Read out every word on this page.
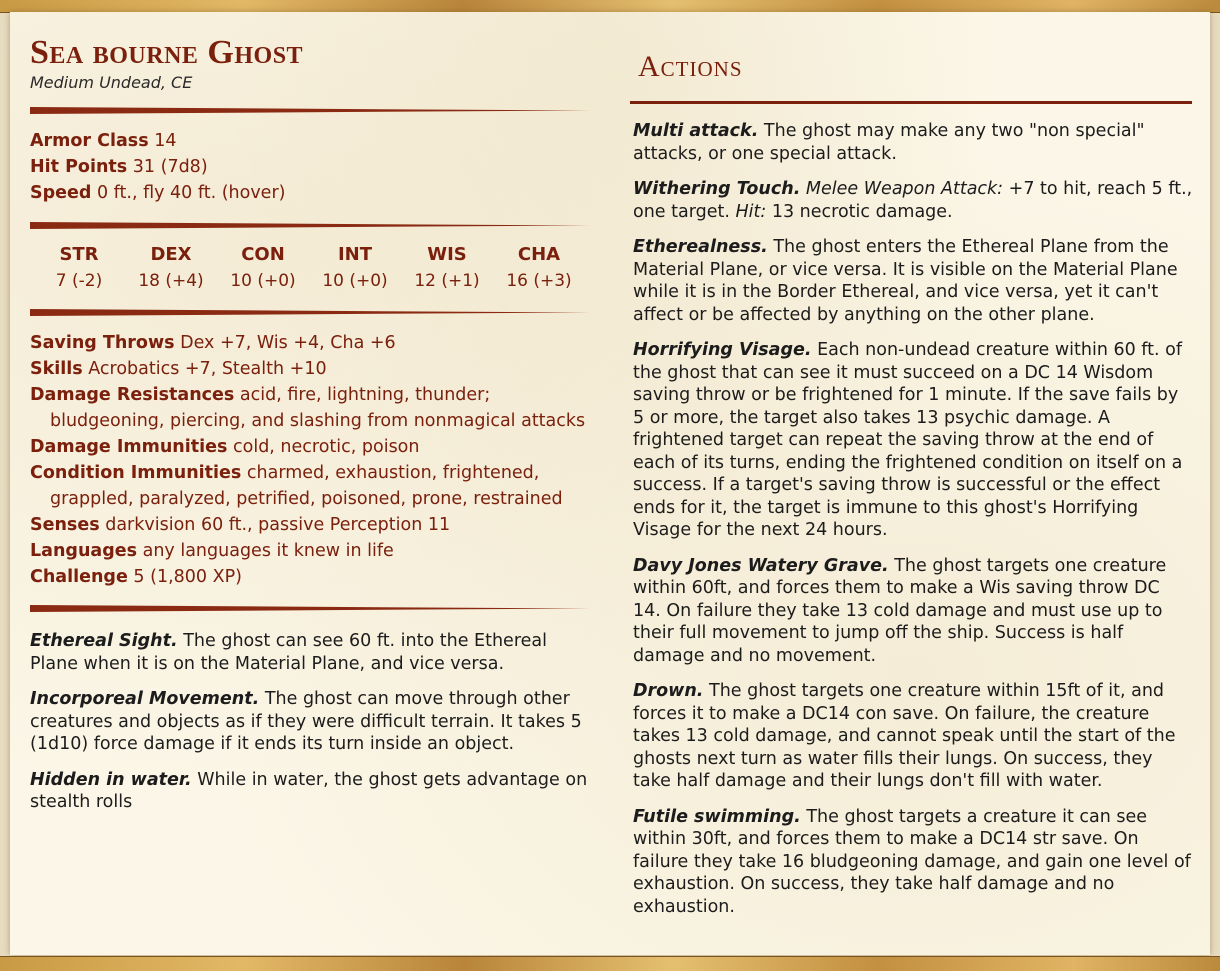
Sea bourne Ghost
Medium Undead, CE
Armor Class 14
Hit Points 31 (7d8)
Speed 0 ft., fly 40 ft. (hover)
STR
7 (-2)
DEX
18 (+4)
CON
10 (+0)
INT
10 (+0)
WIS
12 (+1)
CHA
16 (+3)
Saving Throws Dex +7, Wis +4, Cha +6
Skills Acrobatics +7, Stealth +10
Damage Resistances acid, fire, lightning, thunder; bludgeoning, piercing, and slashing from nonmagical attacks
Damage Immunities cold, necrotic, poison
Condition Immunities charmed, exhaustion, frightened, grappled, paralyzed, petrified, poisoned, prone, restrained
Senses darkvision 60 ft., passive Perception 11
Languages any languages it knew in life
Challenge 5 (1,800 XP)

Ethereal Sight. The ghost can see 60 ft. into the Ethereal Plane when it is on the Material Plane, and vice versa.

Incorporeal Movement. The ghost can move through other creatures and objects as if they were difficult terrain. It takes 5 (1d10) force damage if it ends its turn inside an object.

Hidden in water. While in water, the ghost gets advantage on stealth rolls

Actions

Multi attack. The ghost may make any two "non special" attacks, or one special attack.

Withering Touch. Melee Weapon Attack: +7 to hit, reach 5 ft., one target. Hit: 13 necrotic damage.

Etherealness. The ghost enters the Ethereal Plane from the Material Plane, or vice versa. It is visible on the Material Plane while it is in the Border Ethereal, and vice versa, yet it can't affect or be affected by anything on the other plane.

Horrifying Visage. Each non-undead creature within 60 ft. of the ghost that can see it must succeed on a DC 14 Wisdom saving throw or be frightened for 1 minute. If the save fails by 5 or more, the target also takes 13 psychic damage. A frightened target can repeat the saving throw at the end of each of its turns, ending the frightened condition on itself on a success. If a target's saving throw is successful or the effect ends for it, the target is immune to this ghost's Horrifying Visage for the next 24 hours.

Davy Jones Watery Grave. The ghost targets one creature within 60ft, and forces them to make a Wis saving throw DC 14. On failure they take 13 cold damage and must use up to their full movement to jump off the ship. Success is half damage and no movement.

Drown. The ghost targets one creature within 15ft of it, and forces it to make a DC14 con save. On failure, the creature takes 13 cold damage, and cannot speak until the start of the ghosts next turn as water fills their lungs. On success, they take half damage and their lungs don't fill with water.

Futile swimming. The ghost targets a creature it can see within 30ft, and forces them to make a DC14 str save. On failure they take 16 bludgeoning damage, and gain one level of exhaustion. On success, they take half damage and no exhaustion.
